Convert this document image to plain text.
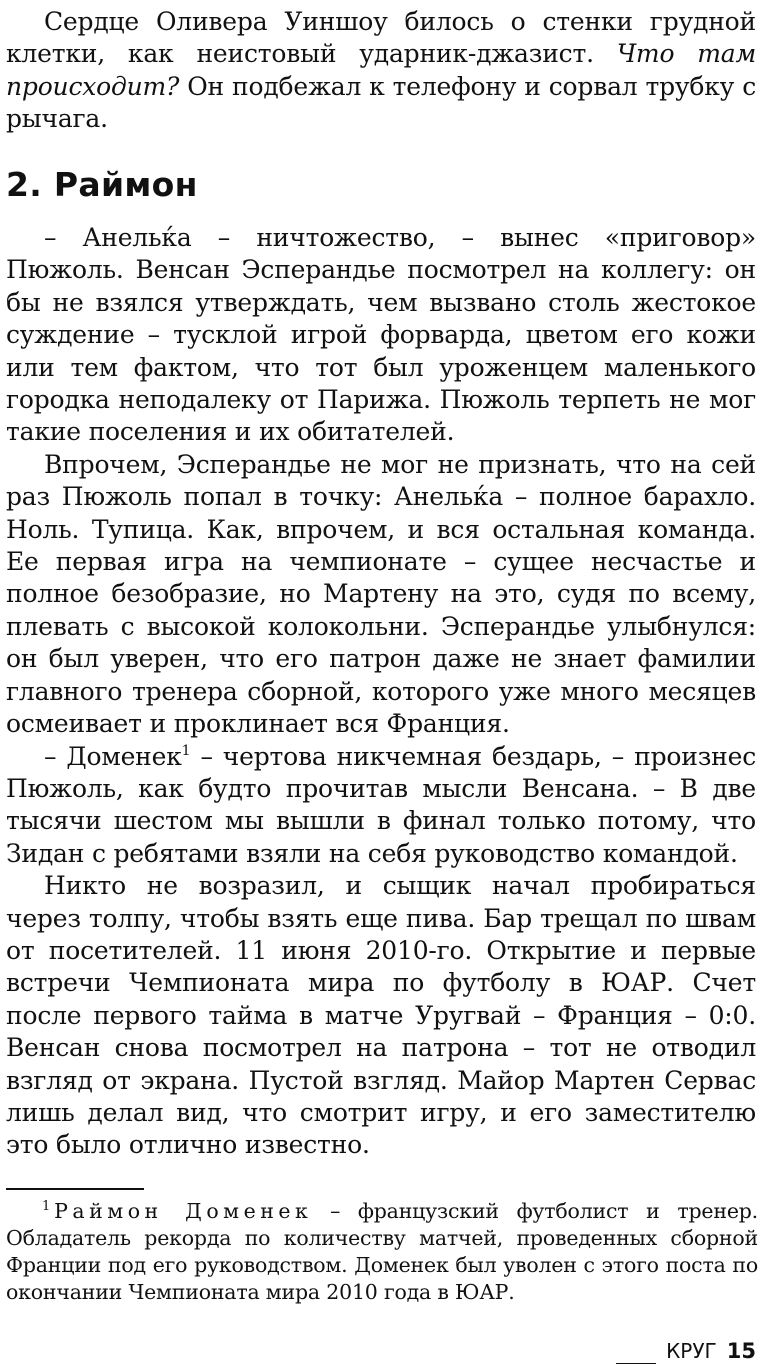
Сердце Оливера Уиншоу билось о стенки грудной клетки, как неистовый ударник-джазист. Что там происходит? Он подбежал к телефону и сорвал трубку с рычага.

2. Раймон

– Анельќа – ничтожество, – вынес «приговор» Пюжоль. Венсан Эсперандье посмотрел на коллегу: он бы не взялся утверждать, чем вызвано столь жестокое суждение – тусклой игрой форварда, цветом его кожи или тем фактом, что тот был уроженцем маленького городка неподалеку от Парижа. Пюжоль терпеть не мог такие поселения и их обитателей.

Впрочем, Эсперандье не мог не признать, что на сей раз Пюжоль попал в точку: Анельќа – полное барахло. Ноль. Тупица. Как, впрочем, и вся остальная команда. Ее первая игра на чемпионате – сущее несчастье и полное безобразие, но Мартену на это, судя по всему, плевать с высокой колокольни. Эсперандье улыбнулся: он был уверен, что его патрон даже не знает фамилии главного тренера сборной, которого уже много месяцев осмеивает и проклинает вся Франция.

– Доменек$^1$ – чертова никчемная бездарь, – произнес Пюжоль, как будто прочитав мысли Венсана. – В две тысячи шестом мы вышли в финал только потому, что Зидан с ребятами взяли на себя руководство командой.

Никто не возразил, и сыщик начал пробираться через толпу, чтобы взять еще пива. Бар трещал по швам от посетителей. 11 июня 2010-го. Открытие и первые встречи Чемпионата мира по футболу в ЮАР. Счет после первого тайма в матче Уругвай – Франция – 0:0. Венсан снова посмотрел на патрона – тот не отводил взгляд от экрана. Пустой взгляд. Майор Мартен Сервас лишь делал вид, что смотрит игру, и его заместителю это было отлично известно.

$^1$ Раймон Доменек – французский футболист и тренер. Обладатель рекорда по количеству матчей, проведенных сборной Франции под его руководством. Доменек был уволен с этого поста по окончании Чемпионата мира 2010 года в ЮАР.

КРУГ 15
